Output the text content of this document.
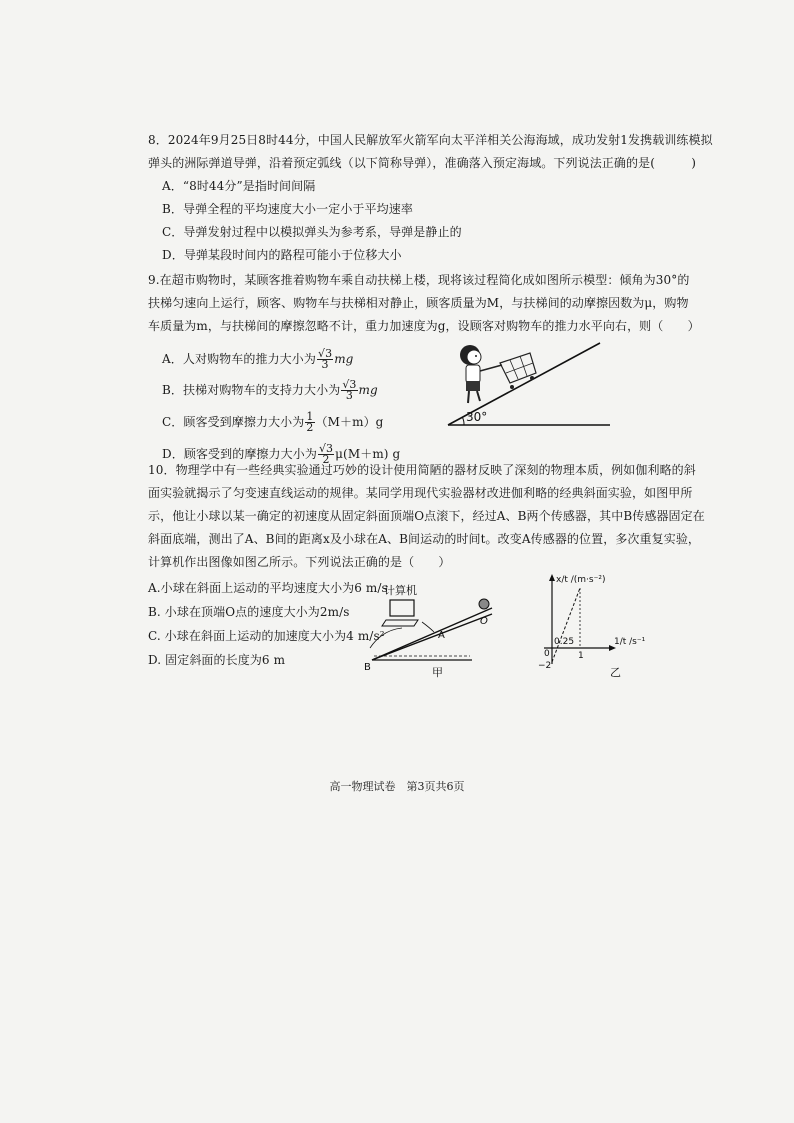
8．2024年9月25日8时44分，中国人民解放军火箭军向太平洋相关公海海域，成功发射1发携载训练模拟
弹头的洲际弹道导弹，沿着预定弧线（以下简称导弹），准确落入预定海域。下列说法正确的是(　　　)
A．“8时44分”是指时间间隔
B．导弹全程的平均速度大小一定小于平均速率
C．导弹发射过程中以模拟弹头为参考系，导弹是静止的
D．导弹某段时间内的路程可能小于位移大小
9.在超市购物时，某顾客推着购物车乘自动扶梯上楼，现将该过程简化成如图所示模型：倾角为30°的
扶梯匀速向上运行，顾客、购物车与扶梯相对静止，顾客质量为M，与扶梯间的动摩擦因数为μ，购物
车质量为m，与扶梯间的摩擦忽略不计，重力加速度为g，设顾客对购物车的推力水平向右，则（　　）
A．人对购物车的推力大小为 $\frac{√3}{3}$ mg
B．扶梯对购物车的支持力大小为 $\frac{√3}{3}$ mg
C．顾客受到摩擦力大小为 $\frac{1}{2} (M+m)g$
D．顾客受到的摩擦力大小为 $\frac{√3}{2} \mu(M+m)$ g
30°
10．物理学中有一些经典实验通过巧妙的设计使用简陋的器材反映了深刻的物理本质，例如伽利略的斜
面实验就揭示了匀变速直线运动的规律。某同学用现代实验器材改进伽利略的经典斜面实验，如图甲所
示，他让小球以某一确定的初速度从固定斜面顶端O点滚下，经过A、B两个传感器，其中B传感器固定在
斜面底端，测出了A、B间的距离x及小球在A、B间运动的时间t。改变A传感器的位置，多次重复实验，
计算机作出图像如图乙所示。下列说法正确的是（　　）
A.小球在斜面上运动的平均速度大小为6 m/s
B. 小球在顶端O点的速度大小为2m/s
C. 小球在斜面上运动的加速度大小为4 m/s²
D. 固定斜面的长度为6 m
计算机
O
A
B	甲
x/t /(m·s⁻²)
1/t /s⁻¹
0.25
1
0
−2	乙
高一物理试卷　第3页共6页
